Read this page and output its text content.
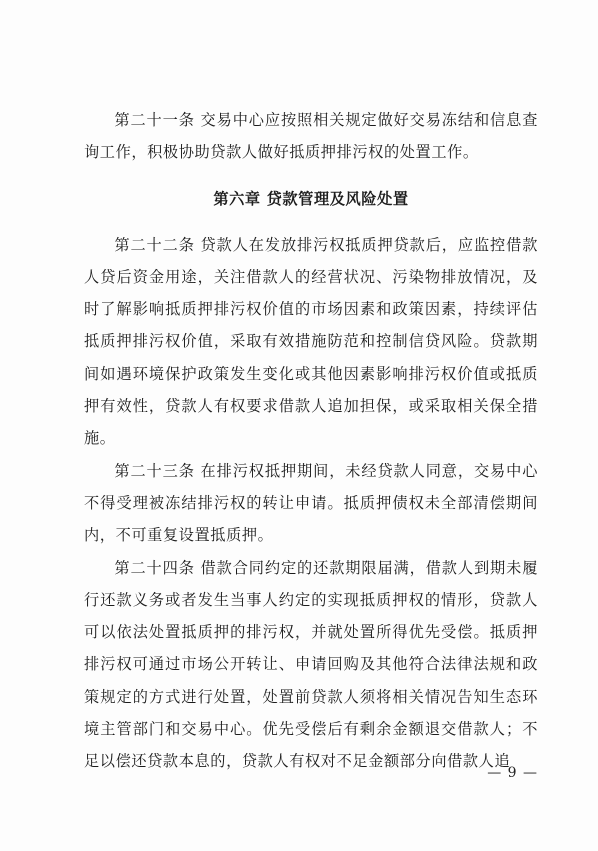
第二十一条 交易中心应按照相关规定做好交易冻结和信息查询工作，积极协助贷款人做好抵质押排污权的处置工作。

第六章 贷款管理及风险处置

第二十二条 贷款人在发放排污权抵质押贷款后，应监控借款人贷后资金用途，关注借款人的经营状况、污染物排放情况，及时了解影响抵质押排污权价值的市场因素和政策因素，持续评估抵质押排污权价值，采取有效措施防范和控制信贷风险。贷款期间如遇环境保护政策发生变化或其他因素影响排污权价值或抵质押有效性，贷款人有权要求借款人追加担保，或采取相关保全措施。

第二十三条 在排污权抵押期间，未经贷款人同意，交易中心不得受理被冻结排污权的转让申请。抵质押债权未全部清偿期间内，不可重复设置抵质押。

第二十四条 借款合同约定的还款期限届满，借款人到期未履行还款义务或者发生当事人约定的实现抵质押权的情形，贷款人可以依法处置抵质押的排污权，并就处置所得优先受偿。抵质押排污权可通过市场公开转让、申请回购及其他符合法律法规和政策规定的方式进行处置，处置前贷款人须将相关情况告知生态环境主管部门和交易中心。优先受偿后有剩余金额退交借款人；不足以偿还贷款本息的，贷款人有权对不足金额部分向借款人追

— 9 —
